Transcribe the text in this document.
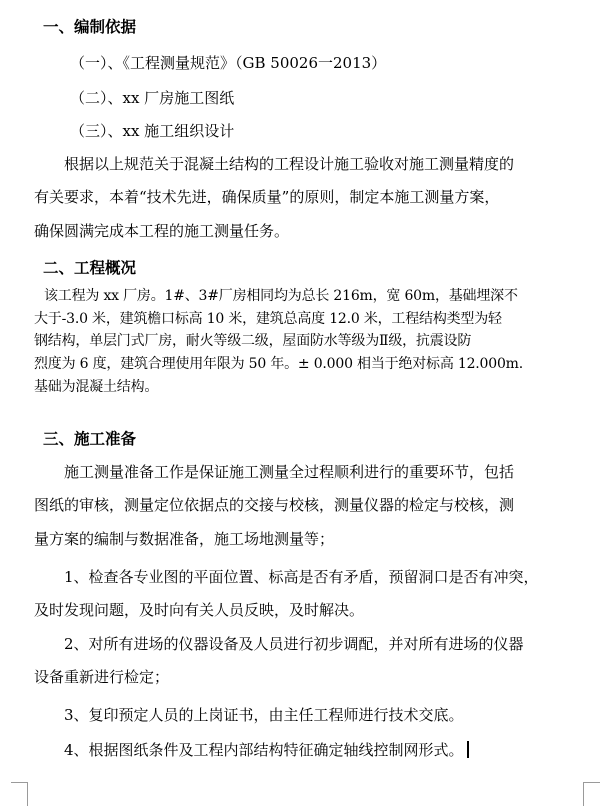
一、编制依据
（一）、《工程测量规范》（GB 50026一2013）
（二）、xx 厂房施工图纸
（三）、xx 施工组织设计
根据以上规范关于混凝土结构的工程设计施工验收对施工测量精度的
有关要求，本着“技术先进，确保质量”的原则，制定本施工测量方案，
确保圆满完成本工程的施工测量任务。
二、工程概况
该工程为 xx 厂房。1#、3#厂房相同均为总长 216m，宽 60m，基础埋深不
大于-3.0 米，建筑檐口标高 10 米，建筑总高度 12.0 米，工程结构类型为轻
钢结构，单层门式厂房，耐火等级二级，屋面防水等级为Ⅱ级，抗震设防
烈度为 6 度，建筑合理使用年限为 50 年。± 0.000 相当于绝对标高 12.000m.
基础为混凝土结构。
三、施工准备
施工测量准备工作是保证施工测量全过程顺利进行的重要环节，包括
图纸的审核，测量定位依据点的交接与校核，测量仪器的检定与校核，测
量方案的编制与数据准备，施工场地测量等；
1、检查各专业图的平面位置、标高是否有矛盾，预留洞口是否有冲突，
及时发现问题，及时向有关人员反映，及时解决。
2、对所有进场的仪器设备及人员进行初步调配，并对所有进场的仪器
设备重新进行检定；
3、复印预定人员的上岗证书，由主任工程师进行技术交底。
4、根据图纸条件及工程内部结构特征确定轴线控制网形式。
